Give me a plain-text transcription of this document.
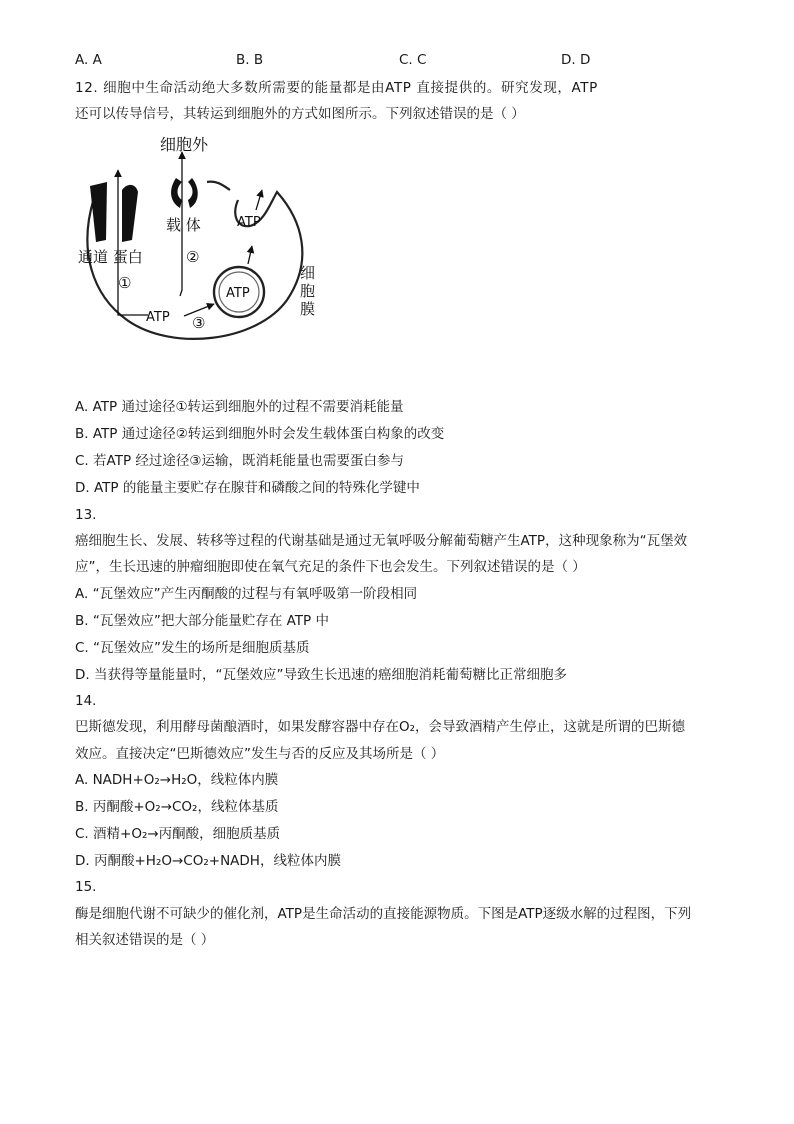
A. A	B. B	C. C	D. D
12. 细胞中生命活动绝大多数所需要的能量都是由ATP 直接提供的。研究发现，ATP
还可以传导信号，其转运到细胞外的方式如图所示。下列叙述错误的是（ ）
细胞外
载 体
通道 蛋白
ATP
ATP
ATP
①
②
③
细
胞
膜
A. ATP 通过途径①转运到细胞外的过程不需要消耗能量
B. ATP 通过途径②转运到细胞外时会发生载体蛋白构象的改变
C. 若ATP 经过途径③运输，既消耗能量也需要蛋白参与
D. ATP 的能量主要贮存在腺苷和磷酸之间的特殊化学键中
13.
癌细胞生长、发展、转移等过程的代谢基础是通过无氧呼吸分解葡萄糖产生ATP，这种现象称为“瓦堡效
应”，生长迅速的肿瘤细胞即使在氧气充足的条件下也会发生。下列叙述错误的是（ ）
A. “瓦堡效应”产生丙酮酸的过程与有氧呼吸第一阶段相同
B. “瓦堡效应”把大部分能量贮存在 ATP 中
C. “瓦堡效应”发生的场所是细胞质基质
D. 当获得等量能量时，“瓦堡效应”导致生长迅速的癌细胞消耗葡萄糖比正常细胞多
14.
巴斯德发现，利用酵母菌酿酒时，如果发酵容器中存在O₂，会导致酒精产生停止，这就是所谓的巴斯德
效应。直接决定“巴斯德效应”发生与否的反应及其场所是（ ）
A. NADH+O₂→H₂O，线粒体内膜
B. 丙酮酸+O₂→CO₂，线粒体基质
C. 酒精+O₂→丙酮酸，细胞质基质
D. 丙酮酸+H₂O→CO₂+NADH，线粒体内膜
15.
酶是细胞代谢不可缺少的催化剂，ATP是生命活动的直接能源物质。下图是ATP逐级水解的过程图，下列
相关叙述错误的是（ ）
